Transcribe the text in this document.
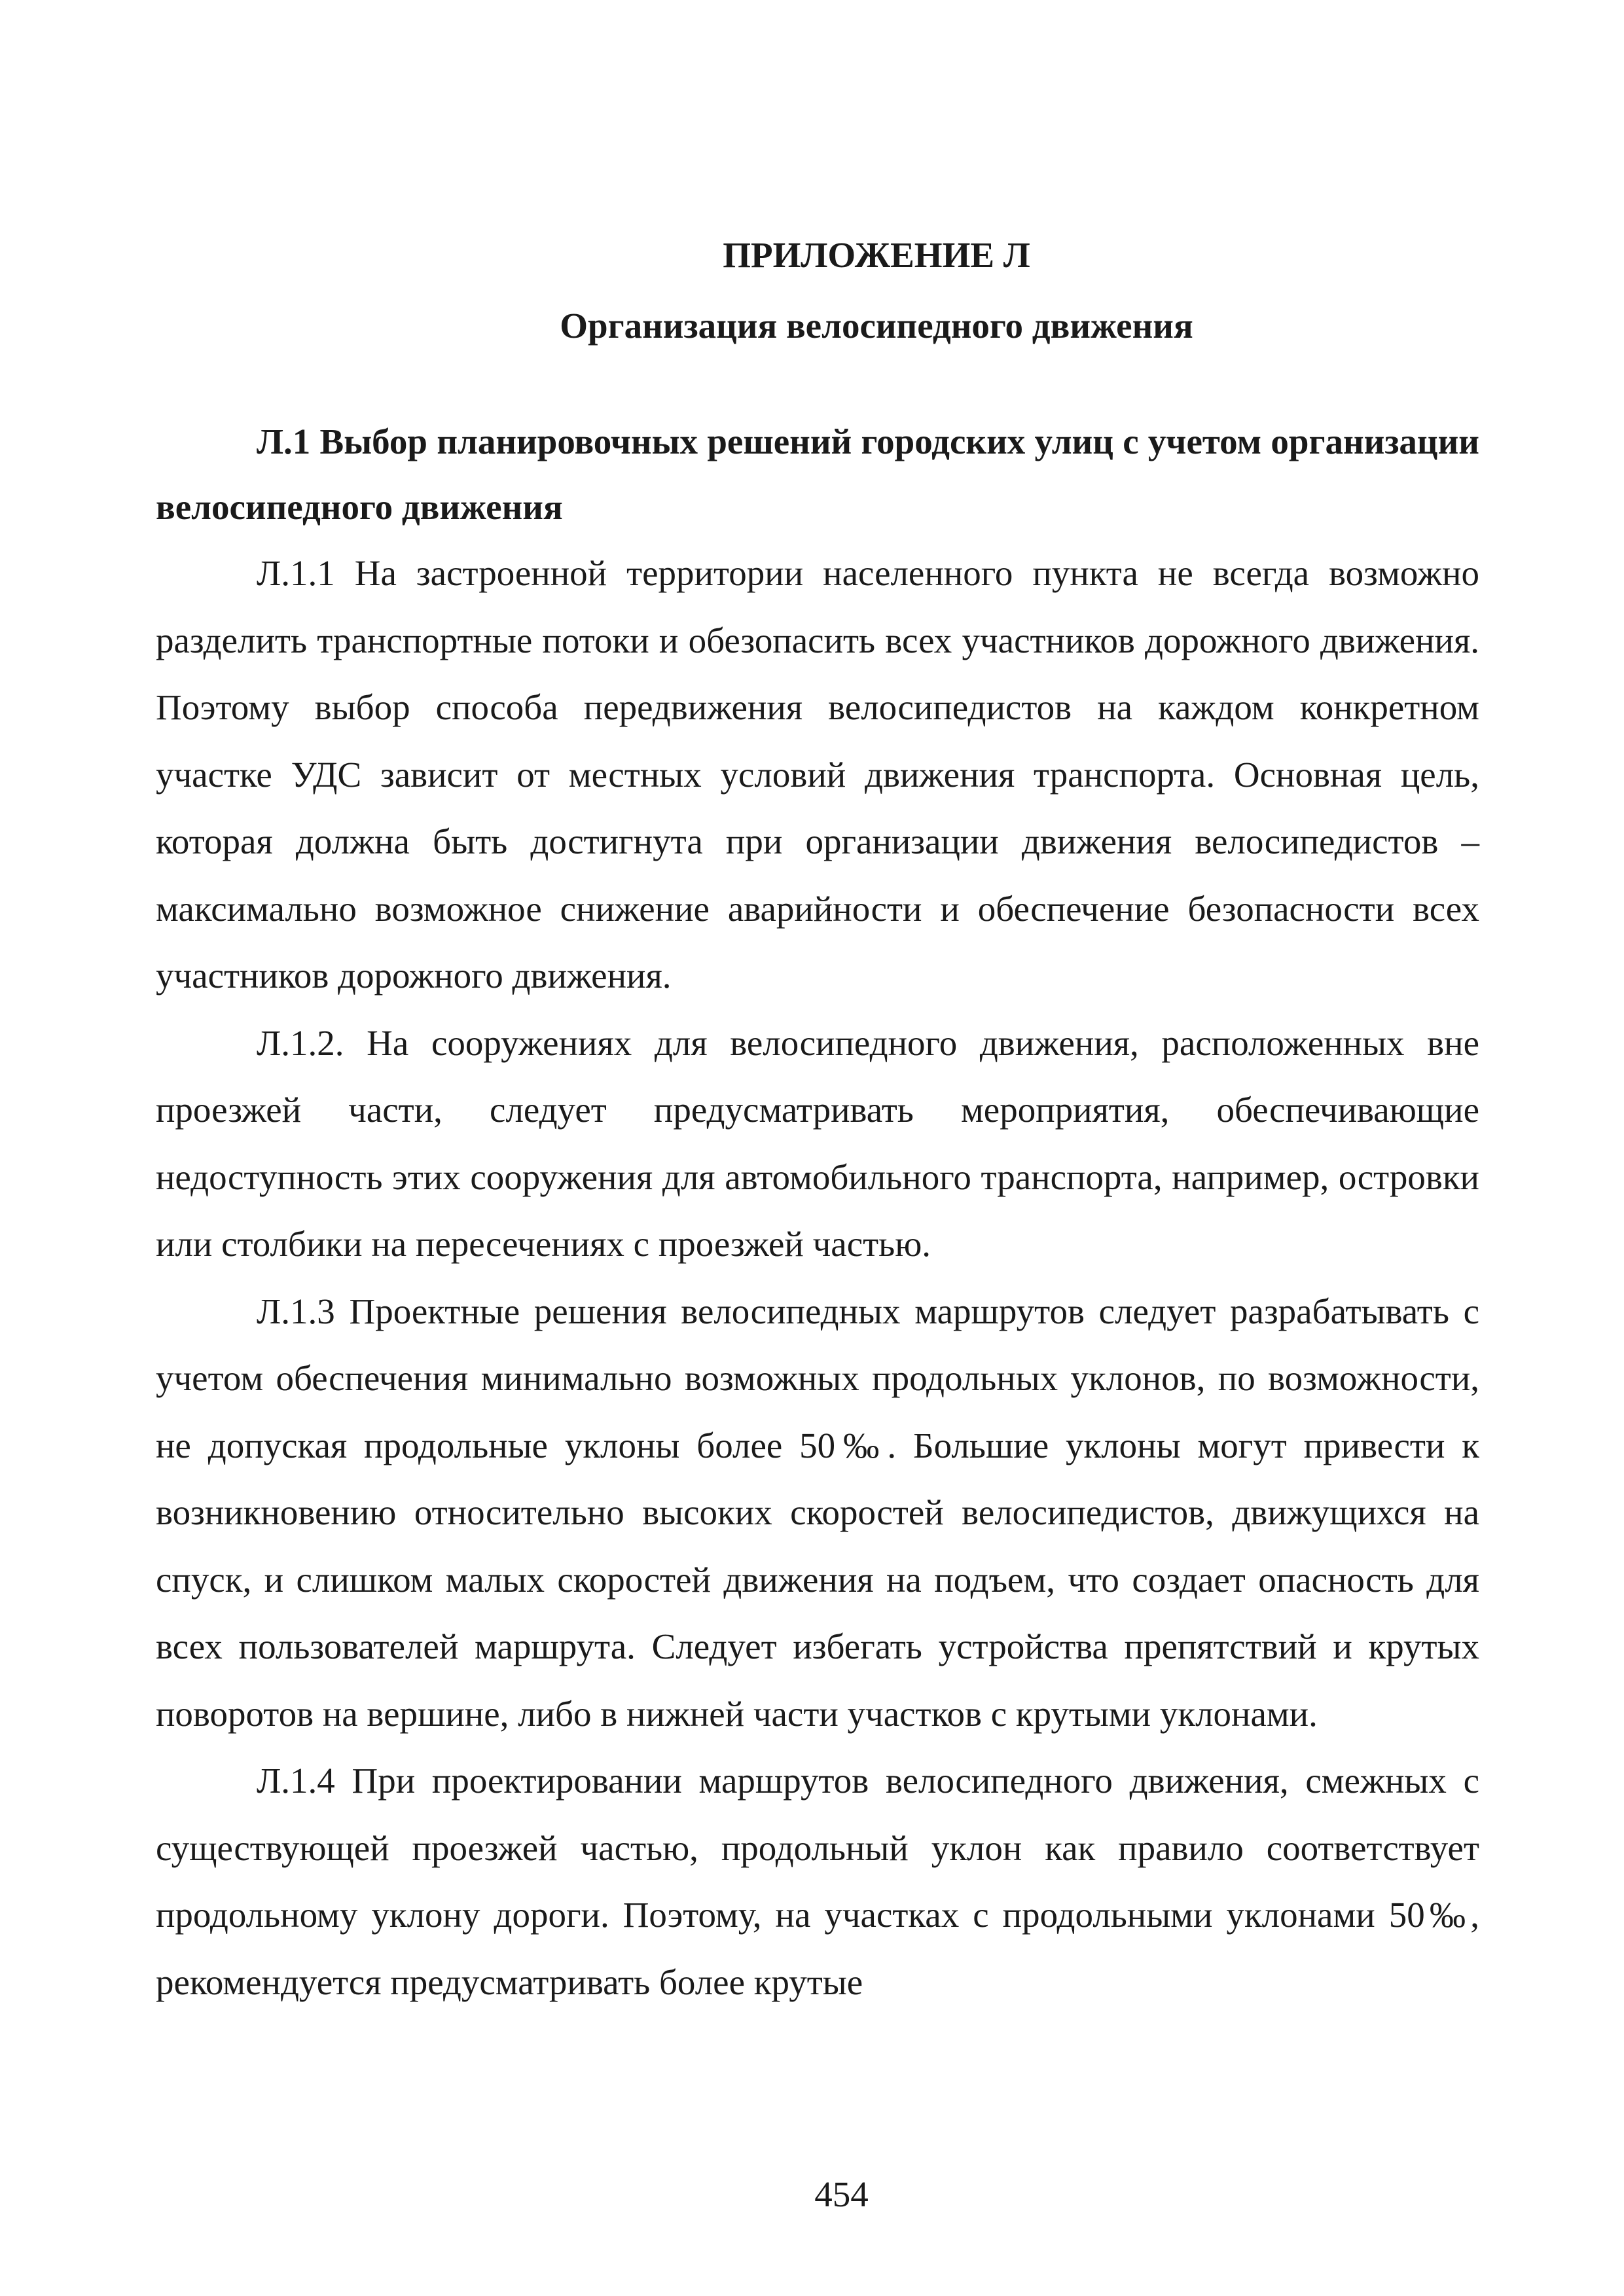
ПРИЛОЖЕНИЕ Л

Организация велосипедного движения

Л.1 Выбор планировочных решений городских улиц с учетом организации велосипедного движения

Л.1.1 На застроенной территории населенного пункта не всегда возможно разделить транспортные потоки и обезопасить всех участников дорожного движения. Поэтому выбор способа передвижения велосипедистов на каждом конкретном участке УДС зависит от местных условий движения транспорта. Основная цель, которая должна быть достигнута при организации движения велосипедистов – максимально возможное снижение аварийности и обеспечение безопасности всех участников дорожного движения.

Л.1.2. На сооружениях для велосипедного движения, расположенных вне проезжей части, следует предусматривать мероприятия, обеспечивающие недоступность этих сооружения для автомобильного транспорта, например, островки или столбики на пересечениях с проезжей частью.

Л.1.3 Проектные решения велосипедных маршрутов следует разрабатывать с учетом обеспечения минимально возможных продольных уклонов, по возможности, не допуская продольные уклоны более 50‰. Большие уклоны могут привести к возникновению относительно высоких скоростей велосипедистов, движущихся на спуск, и слишком малых скоростей движения на подъем, что создает опасность для всех пользователей маршрута. Следует избегать устройства препятствий и крутых поворотов на вершине, либо в нижней части участков с крутыми уклонами.

Л.1.4 При проектировании маршрутов велосипедного движения, смежных с существующей проезжей частью, продольный уклон как правило соответствует продольному уклону дороги. Поэтому, на участках с продольными уклонами 50‰, рекомендуется предусматривать более крутые

454
